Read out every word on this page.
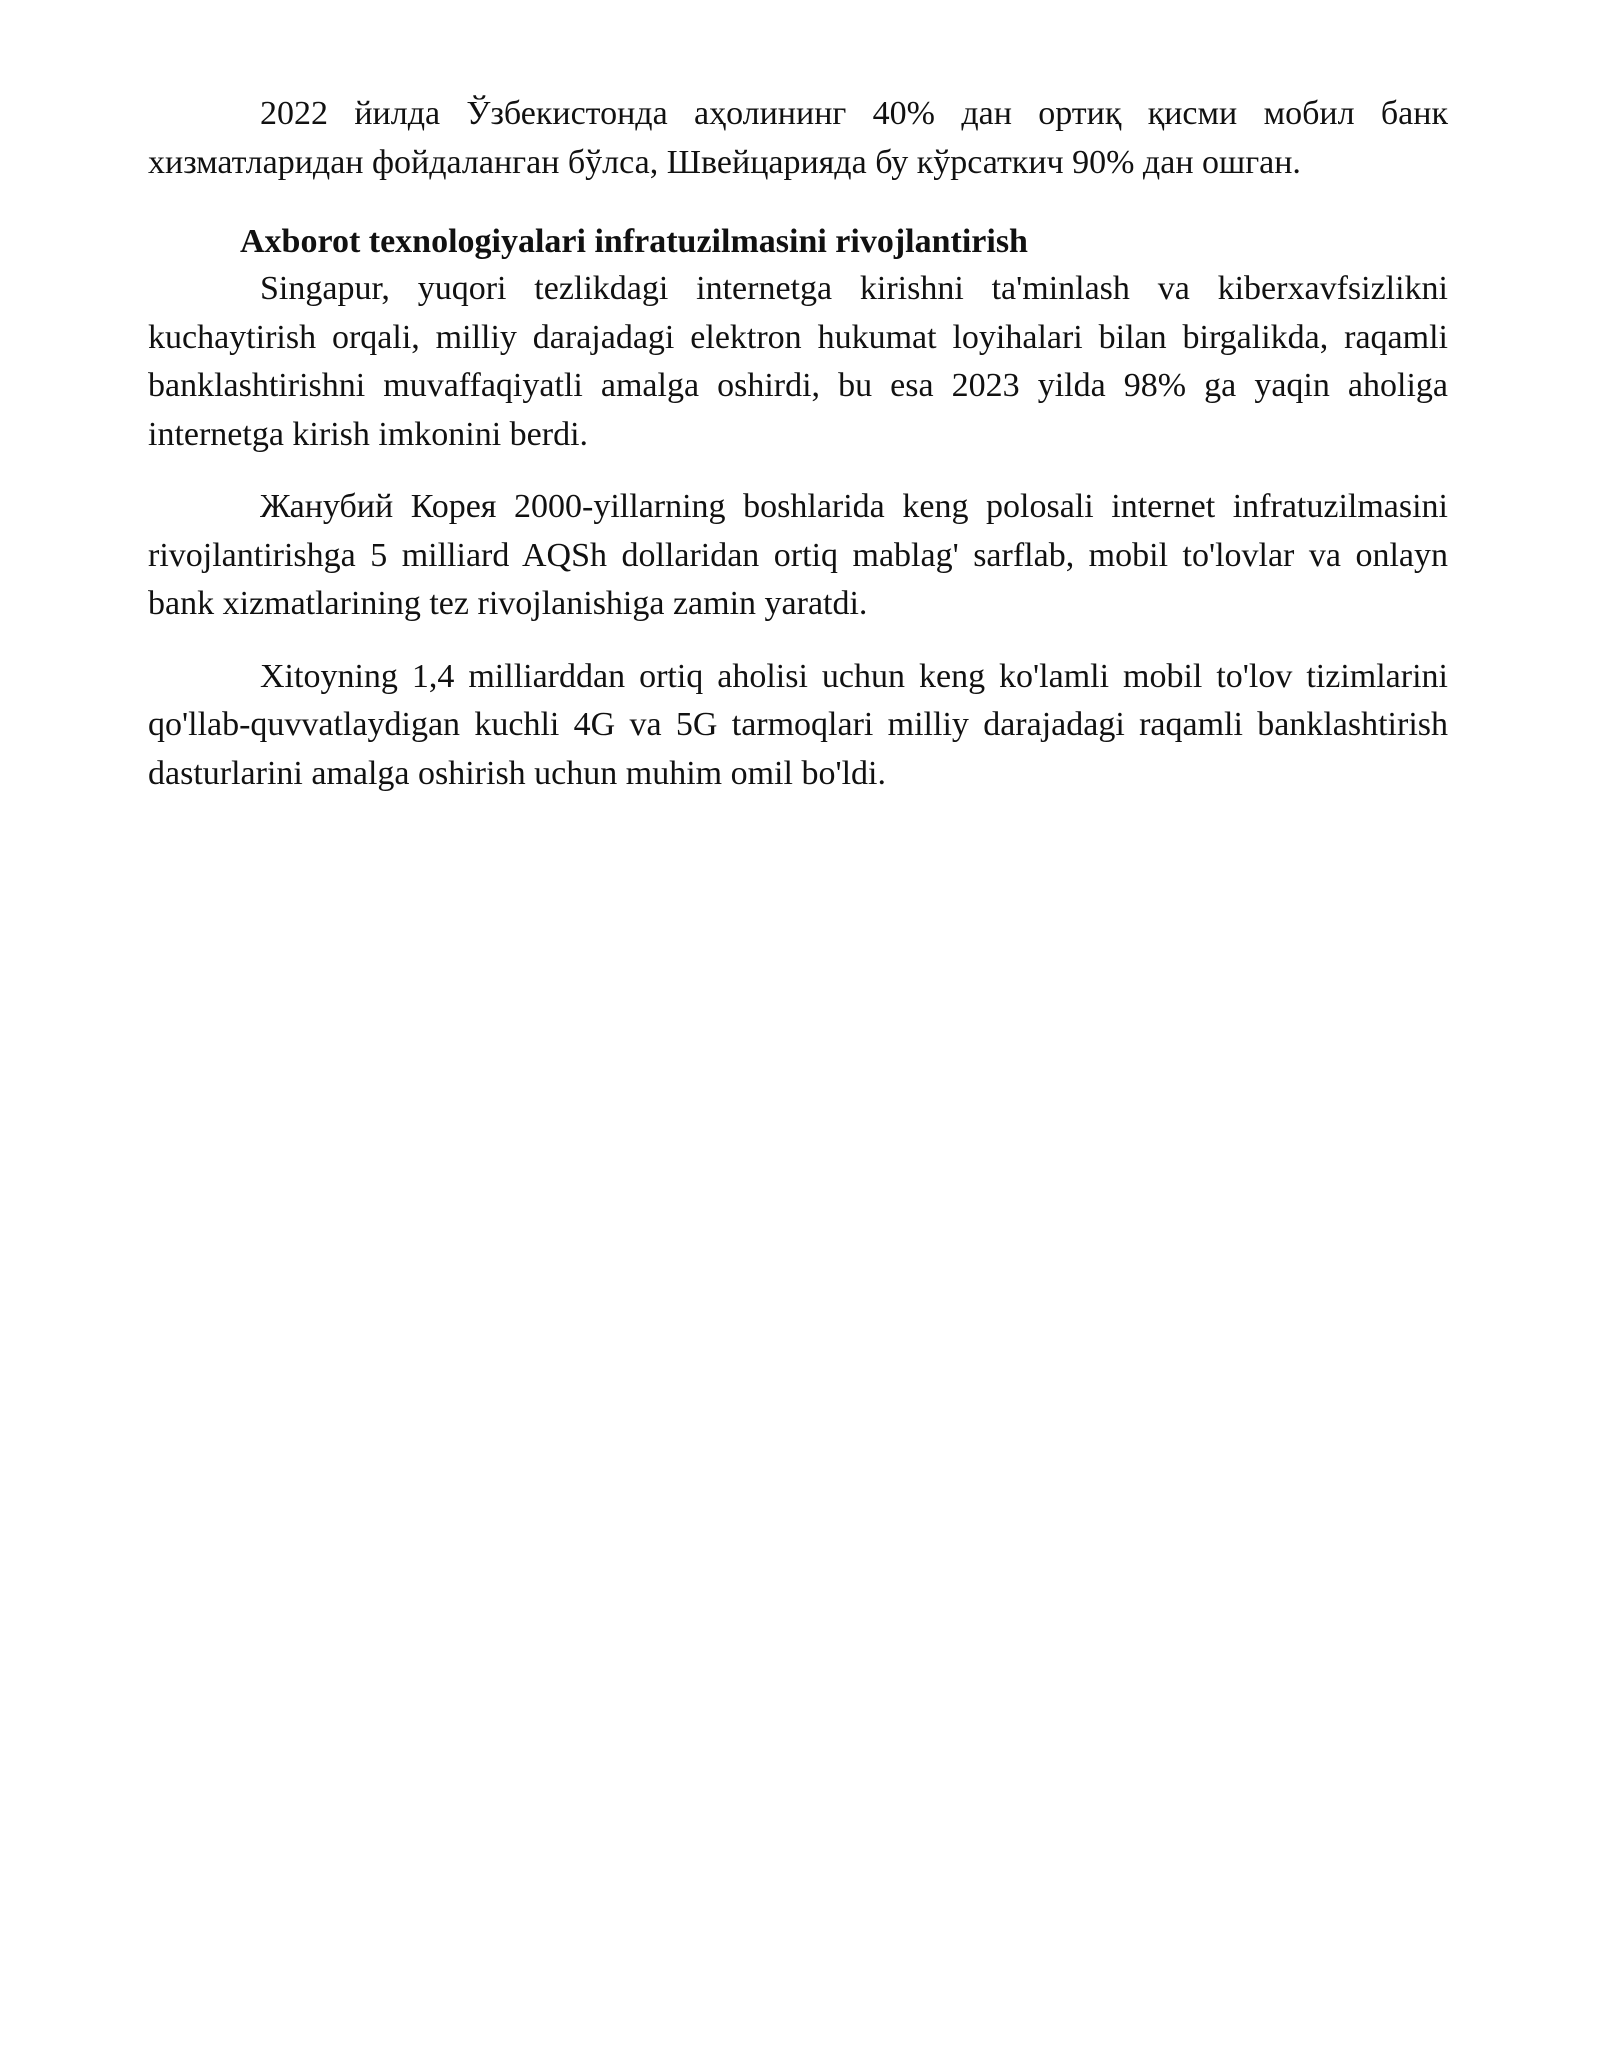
2022 йилда Ўзбекистонда аҳолининг 40% дан ортиқ қисми мобил банк хизматларидан фойдаланган бўлса, Швейцарияда бу кўрсаткич 90% дан ошган.

Axborot texnologiyalari infratuzilmasini rivojlantirish

Singapur, yuqori tezlikdagi internetga kirishni ta'minlash va kiberxavfsizlikni kuchaytirish orqali, milliy darajadagi elektron hukumat loyihalari bilan birgalikda, raqamli banklashtirishni muvaffaqiyatli amalga oshirdi, bu esa 2023 yilda 98% ga yaqin aholiga internetga kirish imkonini berdi.

Жанубий Корея 2000-yillarning boshlarida keng polosali internet infratuzilmasini rivojlantirishga 5 milliard AQSh dollaridan ortiq mablag' sarflab, mobil to'lovlar va onlayn bank xizmatlarining tez rivojlanishiga zamin yaratdi.

Xitoyning 1,4 milliarddan ortiq aholisi uchun keng ko'lamli mobil to'lov tizimlarini qo'llab-quvvatlaydigan kuchli 4G va 5G tarmoqlari milliy darajadagi raqamli banklashtirish dasturlarini amalga oshirish uchun muhim omil bo'ldi.
